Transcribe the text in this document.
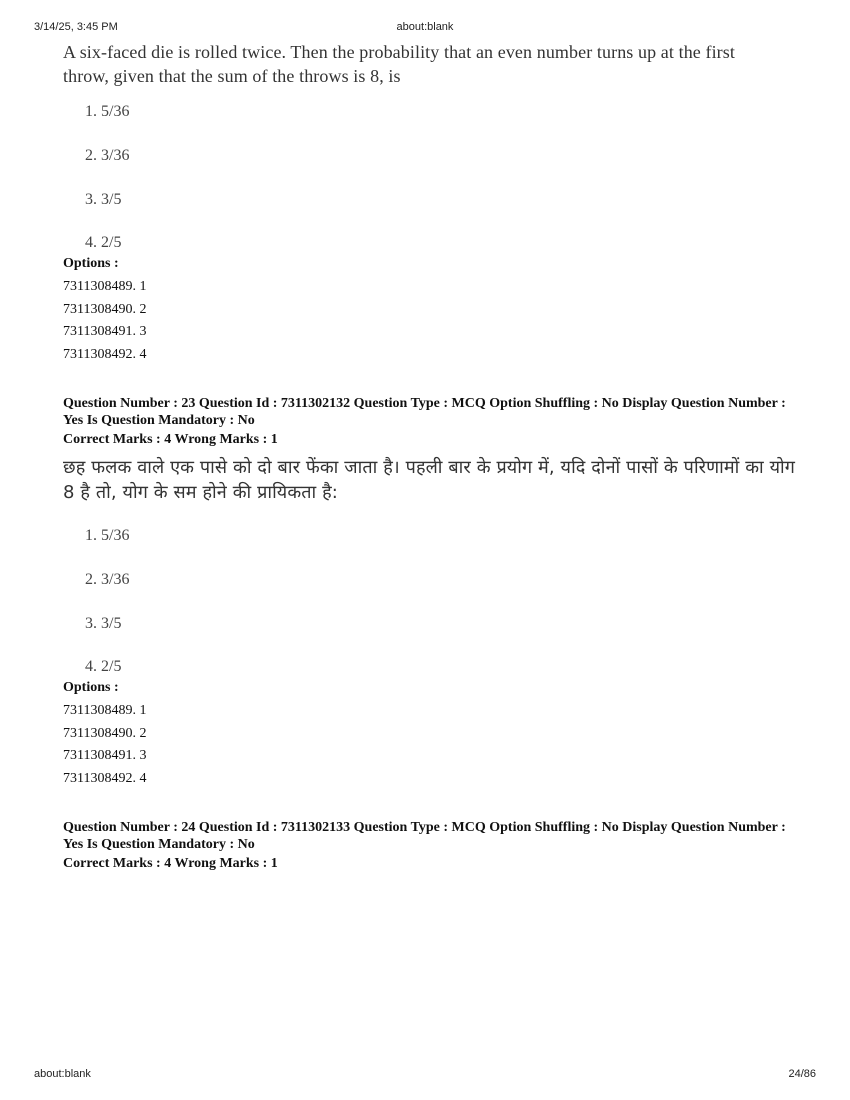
3/14/25, 3:45 PM	about:blank
A six-faced die is rolled twice. Then the probability that an even number turns up at the first throw, given that the sum of the throws is 8, is
1. 5/36
2. 3/36
3. 3/5
4. 2/5
Options :
7311308489. 1
7311308490. 2
7311308491. 3
7311308492. 4
Question Number : 23 Question Id : 7311302132 Question Type : MCQ Option Shuffling : No Display Question Number : Yes Is Question Mandatory : No
Correct Marks : 4 Wrong Marks : 1
छह फलक वाले एक पासे को दो बार फेंका जाता है। पहली बार के प्रयोग में, यदि दोनों पासों के परिणामों का योग 8 है तो, योग के सम होने की प्रायिकता है:
1. 5/36
2. 3/36
3. 3/5
4. 2/5
Options :
7311308489. 1
7311308490. 2
7311308491. 3
7311308492. 4
Question Number : 24 Question Id : 7311302133 Question Type : MCQ Option Shuffling : No Display Question Number : Yes Is Question Mandatory : No
Correct Marks : 4 Wrong Marks : 1
about:blank	24/86
